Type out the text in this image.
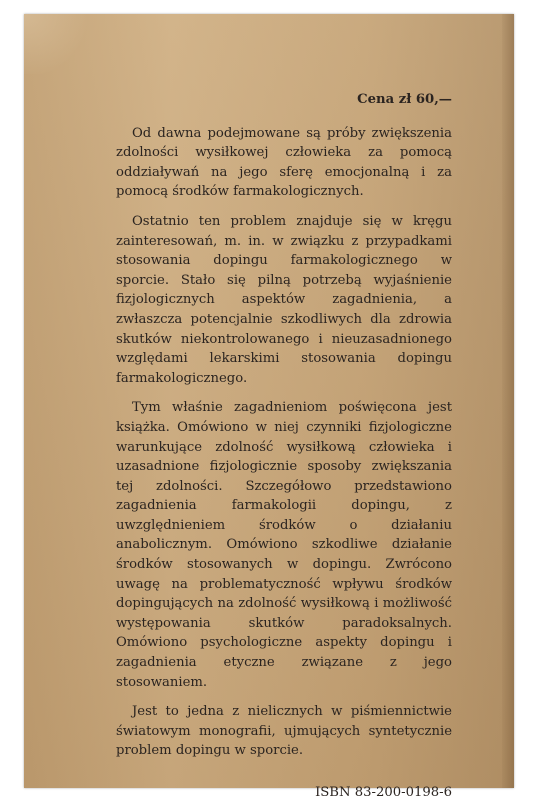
Cena zł 60,—

Od dawna podejmowane są próby zwiększenia zdolności wysiłkowej człowieka za pomocą oddziaływań na jego sferę emocjonalną i za pomocą środków farmakologicznych.

Ostatnio ten problem znajduje się w kręgu zainteresowań, m. in. w związku z przypadkami stosowania dopingu farmakologicznego w sporcie. Stało się pilną potrzebą wyjaśnienie fizjologicznych aspektów zagadnienia, a zwłaszcza potencjalnie szkodliwych dla zdrowia skutków niekontrolowanego i nieuzasadnionego względami lekarskimi stosowania dopingu farmakologicznego.

Tym właśnie zagadnieniom poświęcona jest książka. Omówiono w niej czynniki fizjologiczne warunkujące zdolność wysiłkową człowieka i uzasadnione fizjologicznie sposoby zwiększania tej zdolności. Szczegółowo przedstawiono zagadnienia farmakologii dopingu, z uwzględnieniem środków o działaniu anabolicznym. Omówiono szkodliwe działanie środków stosowanych w dopingu. Zwrócono uwagę na problematyczność wpływu środków dopingujących na zdolność wysiłkową i możliwość występowania skutków paradoksalnych. Omówiono psychologiczne aspekty dopingu i zagadnienia etyczne związane z jego stosowaniem.

Jest to jedna z nielicznych w piśmiennictwie światowym monografii, ujmujących syntetycznie problem dopingu w sporcie.

ISBN 83-200-0198-6
